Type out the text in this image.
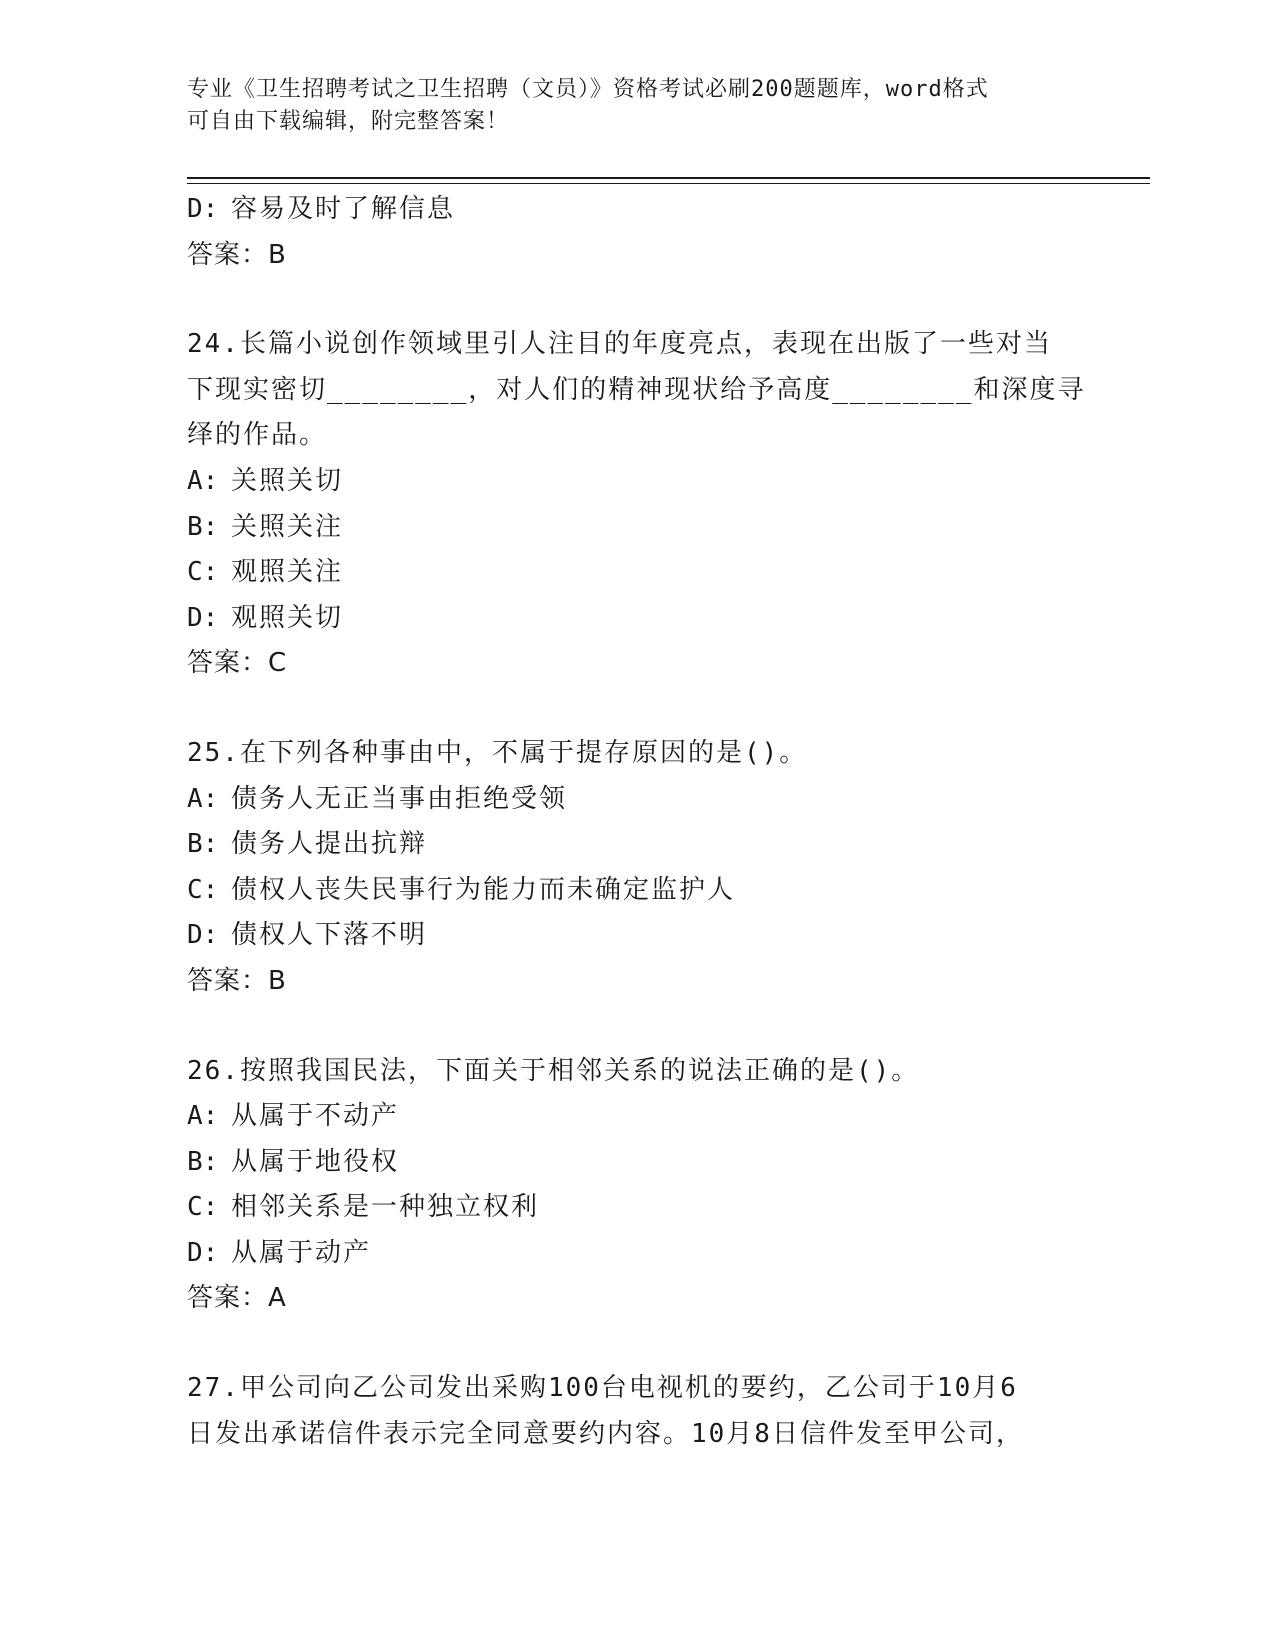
专业《卫生招聘考试之卫生招聘（文员）》资格考试必刷200题题库，word格式
可自由下载编辑，附完整答案！
D: 容易及时了解信息
答案：B
24.长篇小说创作领域里引人注目的年度亮点，表现在出版了一些对当
下现实密切________，对人们的精神现状给予高度________和深度寻
绎的作品。
A: 关照关切
B: 关照关注
C: 观照关注
D: 观照关切
答案：C
25.在下列各种事由中，不属于提存原因的是()。
A: 债务人无正当事由拒绝受领
B: 债务人提出抗辩
C: 债权人丧失民事行为能力而未确定监护人
D: 债权人下落不明
答案：B
26.按照我国民法，下面关于相邻关系的说法正确的是()。
A: 从属于不动产
B: 从属于地役权
C: 相邻关系是一种独立权利
D: 从属于动产
答案：A
27.甲公司向乙公司发出采购100台电视机的要约，乙公司于10月6
日发出承诺信件表示完全同意要约内容。10月8日信件发至甲公司，
